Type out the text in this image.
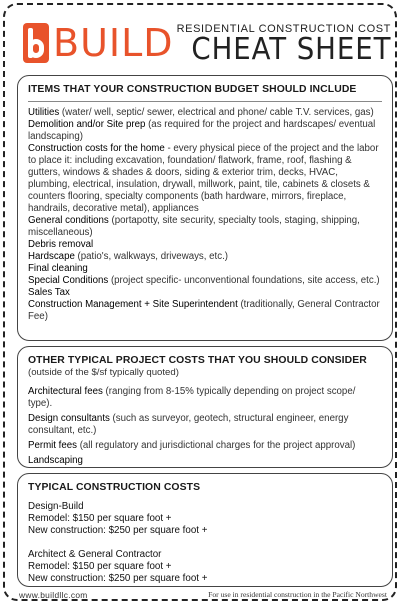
BUILD RESIDENTIAL CONSTRUCTION COST
CHEAT SHEET
ITEMS THAT YOUR CONSTRUCTION BUDGET SHOULD INCLUDE
Utilities (water/ well, septic/ sewer, electrical and phone/ cable T.V. services, gas)
Demolition and/or Site prep (as required for the project and hardscapes/ eventual landscaping)
Construction costs for the home - every physical piece of the project and the labor to place it: including excavation, foundation/ flatwork, frame, roof, flashing & gutters, windows & shades & doors, siding & exterior trim, decks, HVAC, plumbing, electrical, insulation, drywall, millwork, paint, tile, cabinets & closets & counters flooring, specialty components (bath hardware, mirrors, fireplace, handrails, decorative metal), appliances
General conditions (portapotty, site security, specialty tools, staging, shipping, miscellaneous)
Debris removal
Hardscape (patio's, walkways, driveways, etc.)
Final cleaning
Special Conditions (project specific- unconventional foundations, site access, etc.)
Sales Tax
Construction Management + Site Superintendent (traditionally, General Contractor Fee)
OTHER TYPICAL PROJECT COSTS THAT YOU SHOULD CONSIDER
(outside of the $/sf typically quoted)
Architectural fees (ranging from 8-15% typically depending on project scope/ type).
Design consultants (such as surveyor, geotech, structural engineer, energy consultant, etc.)
Permit fees (all regulatory and jurisdictional charges for the project approval)
Landscaping
TYPICAL CONSTRUCTION COSTS
Design-Build
Remodel: $150 per square foot +
New construction: $250 per square foot +
Architect & General Contractor
Remodel: $150 per square foot +
New construction: $250 per square foot +
www.buildllc.com	For use in residential construction in the Pacific Northwest
